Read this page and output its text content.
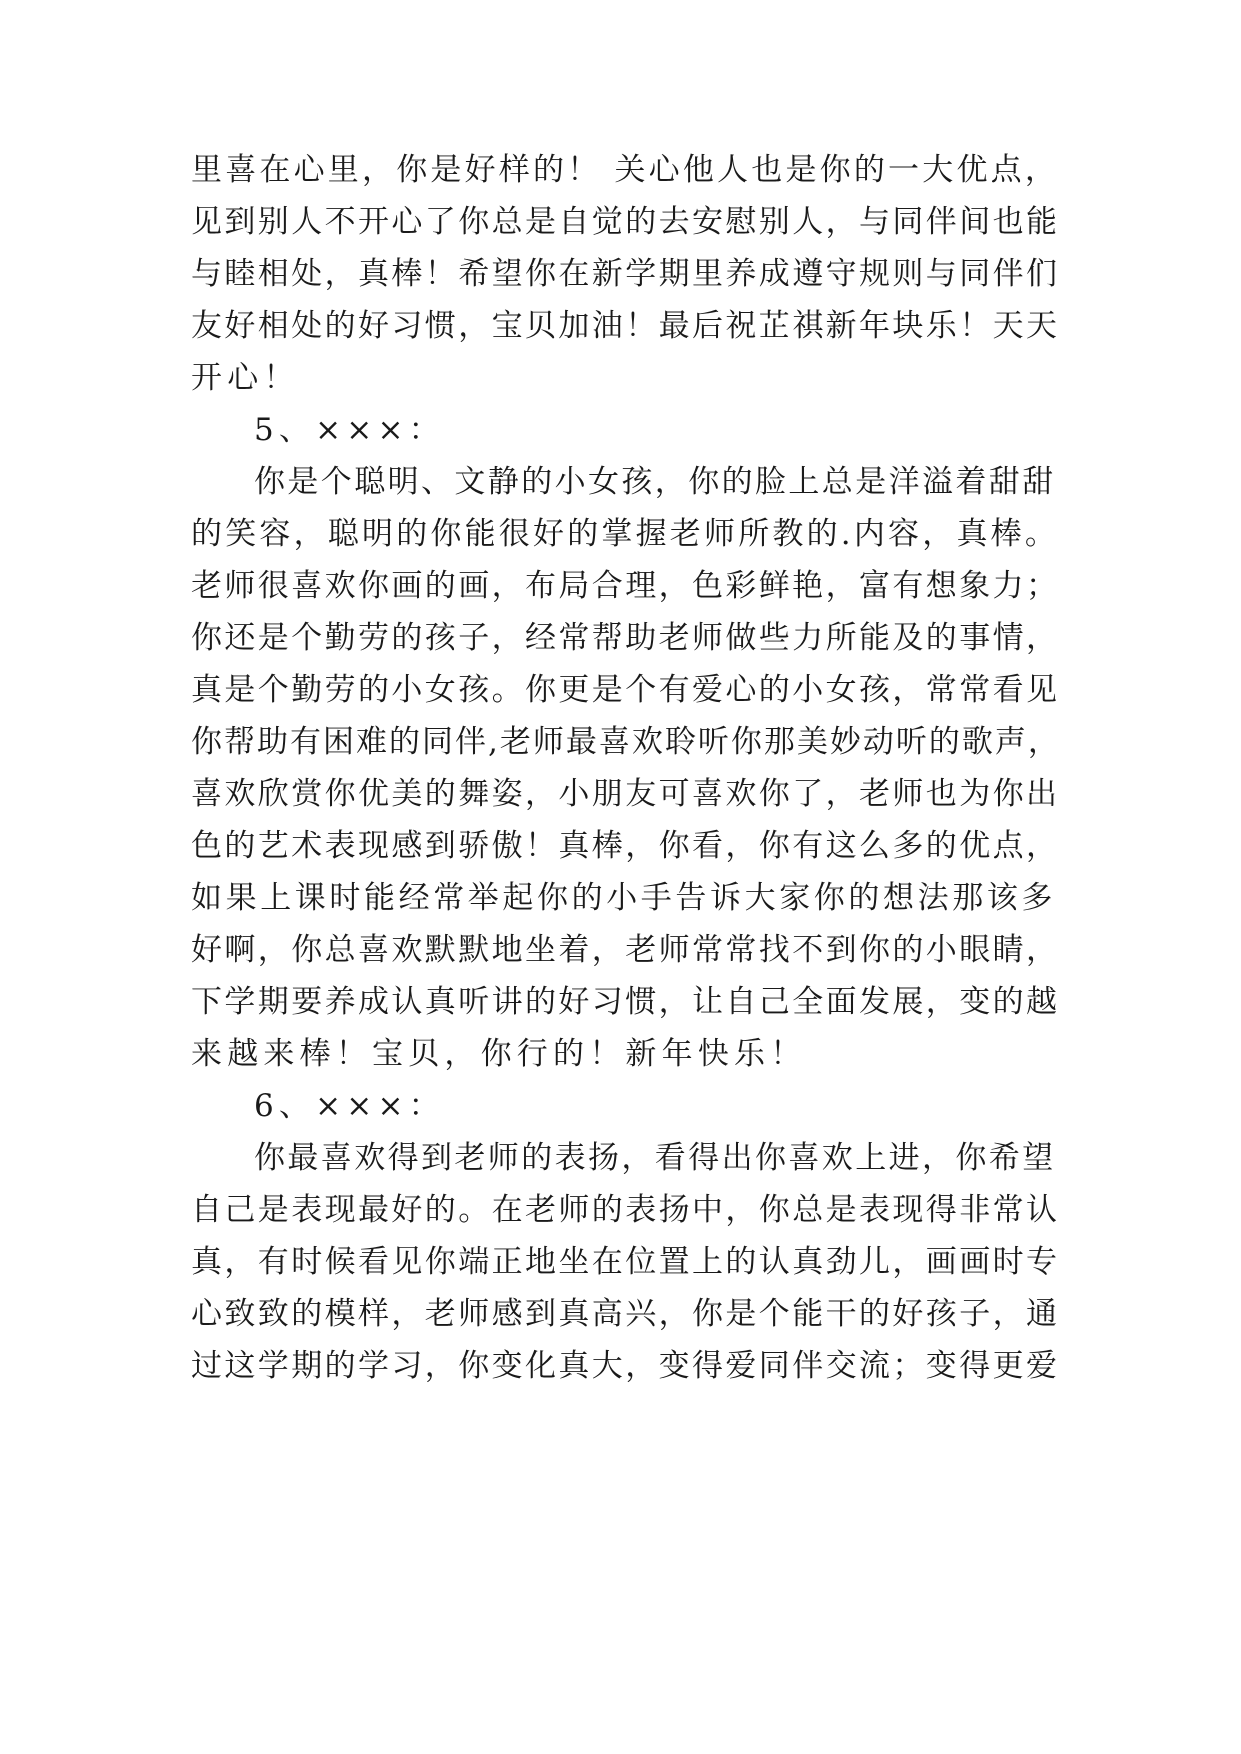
里喜在心里，你是好样的！ 关心他人也是你的一大优点，
见到别人不开心了你总是自觉的去安慰别人，与同伴间也能
与睦相处，真棒！希望你在新学期里养成遵守规则与同伴们
友好相处的好习惯，宝贝加油！最后祝芷祺新年块乐！天天
开心！
5、×××：
你是个聪明、文静的小女孩，你的脸上总是洋溢着甜甜
的笑容，聪明的你能很好的掌握老师所教的.内容，真棒。
老师很喜欢你画的画，布局合理，色彩鲜艳，富有想象力；
你还是个勤劳的孩子，经常帮助老师做些力所能及的事情，
真是个勤劳的小女孩。你更是个有爱心的小女孩，常常看见
你帮助有困难的同伴,老师最喜欢聆听你那美妙动听的歌声，
喜欢欣赏你优美的舞姿，小朋友可喜欢你了，老师也为你出
色的艺术表现感到骄傲！真棒，你看，你有这么多的优点，
如果上课时能经常举起你的小手告诉大家你的想法那该多
好啊，你总喜欢默默地坐着，老师常常找不到你的小眼睛，
下学期要养成认真听讲的好习惯，让自己全面发展，变的越
来越来棒！宝贝，你行的！新年快乐！
6、×××：
你最喜欢得到老师的表扬，看得出你喜欢上进，你希望
自己是表现最好的。在老师的表扬中，你总是表现得非常认
真，有时候看见你端正地坐在位置上的认真劲儿，画画时专
心致致的模样，老师感到真高兴，你是个能干的好孩子，通
过这学期的学习，你变化真大，变得爱同伴交流；变得更爱
